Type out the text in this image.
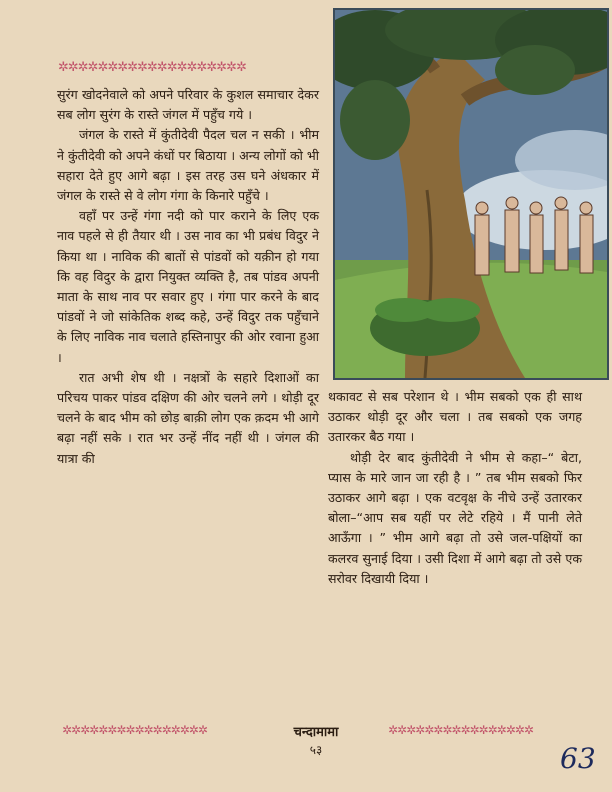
✲✲✲✲✲✲✲✲✲✲✲✲✲✲✲✲✲✲✲

सुरंग खोदनेवाले को अपने परिवार के कुशल समाचार देकर सब लोग सुरंग के रास्ते जंगल में पहुँच गये ।

जंगल के रास्ते में कुंतीदेवी पैदल चल न सकी । भीम ने कुंतीदेवी को अपने कंधों पर बिठाया । अन्य लोगों को भी सहारा देते हुए आगे बढ़ा । इस तरह उस घने अंधकार में जंगल के रास्ते से वे लोग गंगा के किनारे पहुँचे ।

वहाँ पर उन्हें गंगा नदी को पार कराने के लिए एक नाव पहले से ही तैयार थी । उस नाव का भी प्रबंध विदुर ने किया था । नाविक की बातों से पांडवों को यक़ीन हो गया कि वह विदुर के द्वारा नियुक्त व्यक्ति है, तब पांडव अपनी माता के साथ नाव पर सवार हुए । गंगा पार करने के बाद पांडवों ने जो सांकेतिक शब्द कहे, उन्हें विदुर तक पहुँचाने के लिए नाविक नाव चलाते हस्तिनापुर की ओर रवाना हुआ ।

रात अभी शेष थी । नक्षत्रों के सहारे दिशाओं का परिचय पाकर पांडव दक्षिण की ओर चलने लगे । थोड़ी दूर चलने के बाद भीम को छोड़ बाक़ी लोग एक क़दम भी आगे बढ़ा नहीं सके । रात भर उन्हें नींद नहीं थी । जंगल की यात्रा की

थकावट से सब परेशान थे । भीम सबको एक ही साथ उठाकर थोड़ी दूर और चला । तब सबको एक जगह उतारकर बैठ गया ।

थोड़ी देर बाद कुंतीदेवी ने भीम से कहा–“ बेटा, प्यास के मारे जान जा रही है । ” तब भीम सबको फिर उठाकर आगे बढ़ा । एक वटवृक्ष के नीचे उन्हें उतारकर बोला–“आप सब यहीं पर लेटे रहिये । मैं पानी लेते आऊँगा । ” भीम आगे बढ़ा तो उसे जल-पक्षियों का कलरव सुनाई दिया । उसी दिशा में आगे बढ़ा तो उसे एक सरोवर दिखायी दिया ।

✲✲✲✲✲✲✲✲✲✲✲✲✲✲✲✲	चन्दामामा
५३
✲✲✲✲✲✲✲✲✲✲✲✲✲✲✲✲
63
